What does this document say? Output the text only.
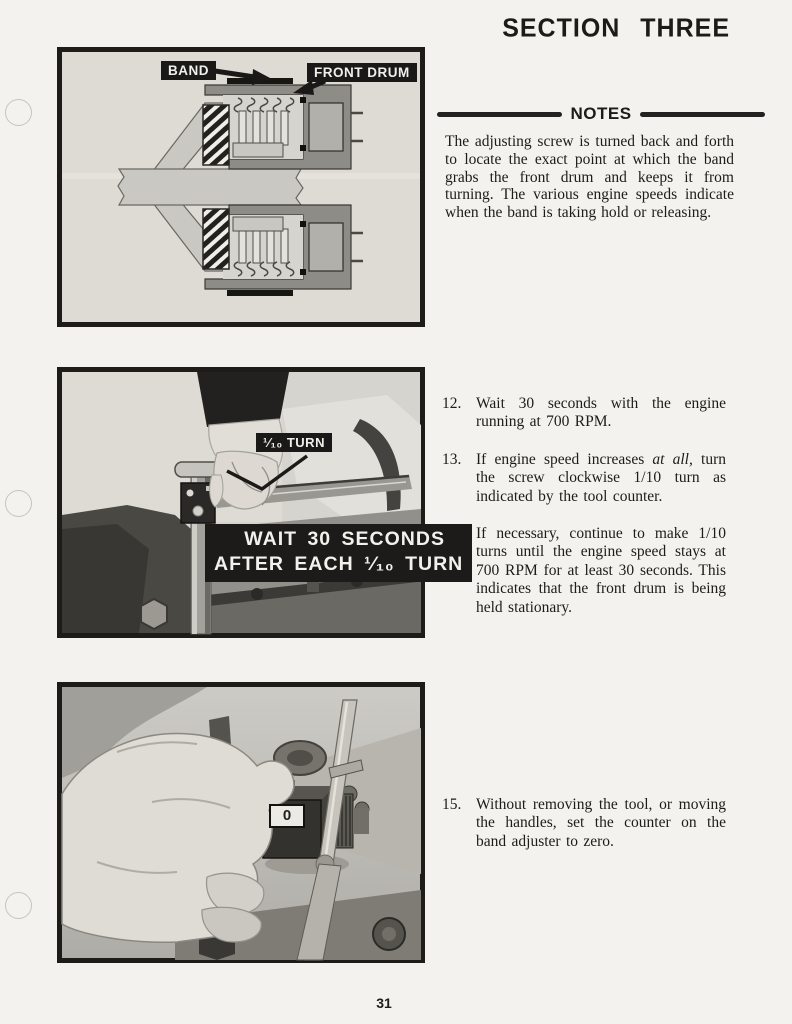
SECTION THREE
BAND	FRONT DRUM
¹⁄₁₀ TURN
WAIT 30 SECONDS
AFTER EACH ¹⁄₁₀ TURN
0
NOTES
The adjusting screw is turned back and forth to locate the exact point at which the band grabs the front drum and keeps it from turning. The various engine speeds indicate when the band is taking hold or releasing.
12. Wait 30 seconds with the engine running at 700 RPM.
13. If engine speed increases at all, turn the screw clockwise 1/10 turn as indicated by the tool counter.
14. If necessary, continue to make 1/10 turns until the engine speed stays at 700 RPM for at least 30 seconds. This indicates that the front drum is being held stationary.
15. Without removing the tool, or moving the handles, set the counter on the band adjuster to zero.
31
